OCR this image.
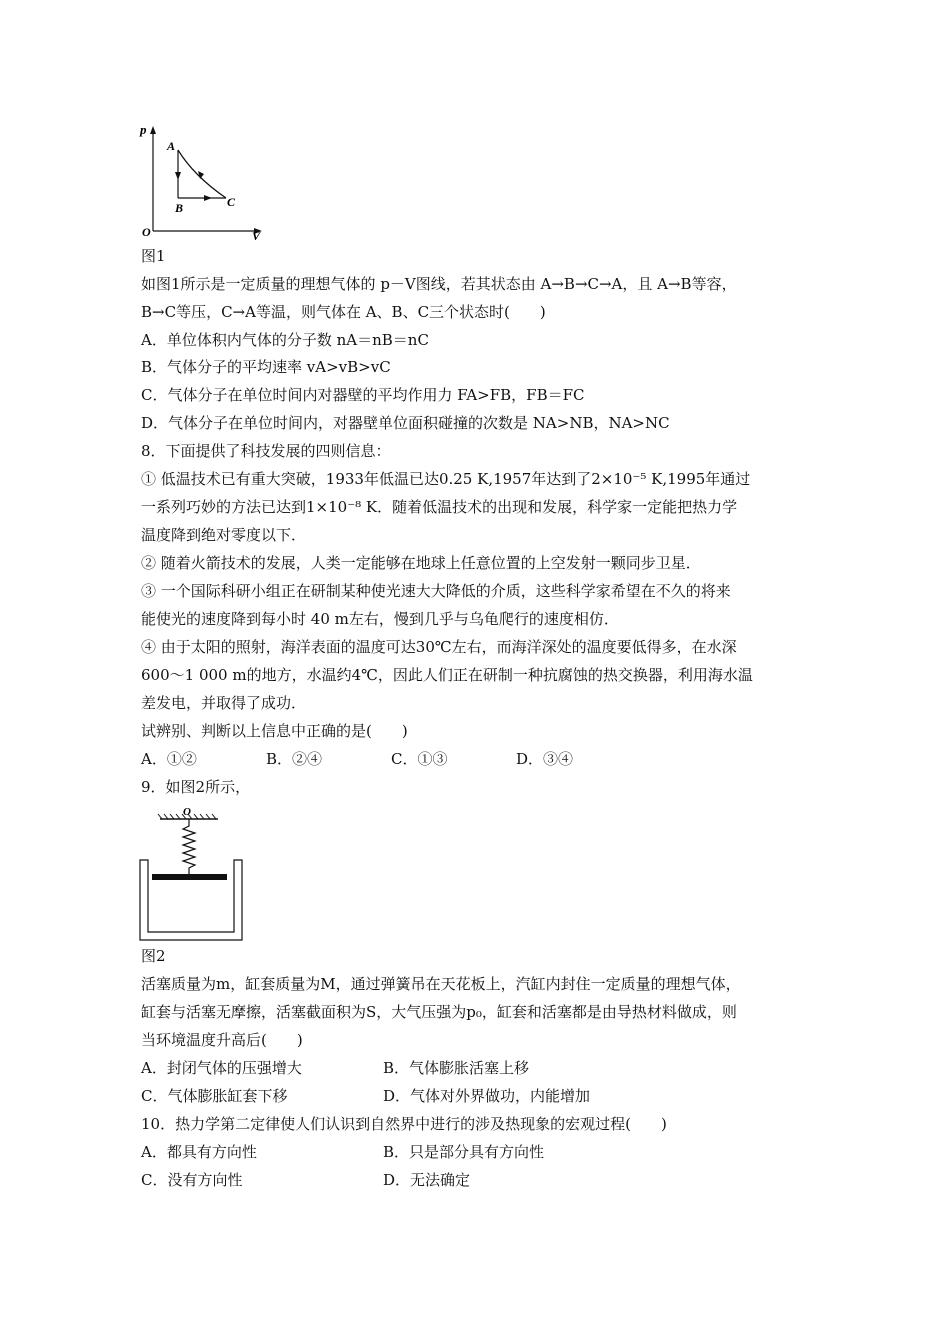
p
V
O
A
B	C
图1
如图1所示是一定质量的理想气体的 p－V图线，若其状态由 A→B→C→A，且 A→B等容，
B→C等压，C→A等温，则气体在 A、B、C三个状态时(　　)
A．单位体积内气体的分子数 nA＝nB＝nC
B．气体分子的平均速率 vA>vB>vC
C．气体分子在单位时间内对器壁的平均作用力 FA>FB，FB＝FC
D．气体分子在单位时间内，对器壁单位面积碰撞的次数是 NA>NB，NA>NC
8．下面提供了科技发展的四则信息：
① 低温技术已有重大突破，1933年低温已达0.25 K,1957年达到了2×10⁻⁵ K,1995年通过
一系列巧妙的方法已达到1×10⁻⁸ K．随着低温技术的出现和发展，科学家一定能把热力学
温度降到绝对零度以下．
② 随着火箭技术的发展，人类一定能够在地球上任意位置的上空发射一颗同步卫星．
③ 一个国际科研小组正在研制某种使光速大大降低的介质，这些科学家希望在不久的将来
能使光的速度降到每小时 40 m左右，慢到几乎与乌龟爬行的速度相仿．
④ 由于太阳的照射，海洋表面的温度可达30℃左右，而海洋深处的温度要低得多，在水深
600～1 000 m的地方，水温约4℃，因此人们正在研制一种抗腐蚀的热交换器，利用海水温
差发电，并取得了成功．
试辨别、判断以上信息中正确的是(　　)
A．①②	B．②④	C．①③	D．③④
9．如图2所示，
图2
O
图2
活塞质量为m，缸套质量为M，通过弹簧吊在天花板上，汽缸内封住一定质量的理想气体，
缸套与活塞无摩擦，活塞截面积为S，大气压强为p₀，缸套和活塞都是由导热材料做成，则
当环境温度升高后(　　)
A．封闭气体的压强增大	B．气体膨胀活塞上移
C．气体膨胀缸套下移	D．气体对外界做功，内能增加
10．热力学第二定律使人们认识到自然界中进行的涉及热现象的宏观过程(　　)
A．都具有方向性	B．只是部分具有方向性
C．没有方向性	D．无法确定
